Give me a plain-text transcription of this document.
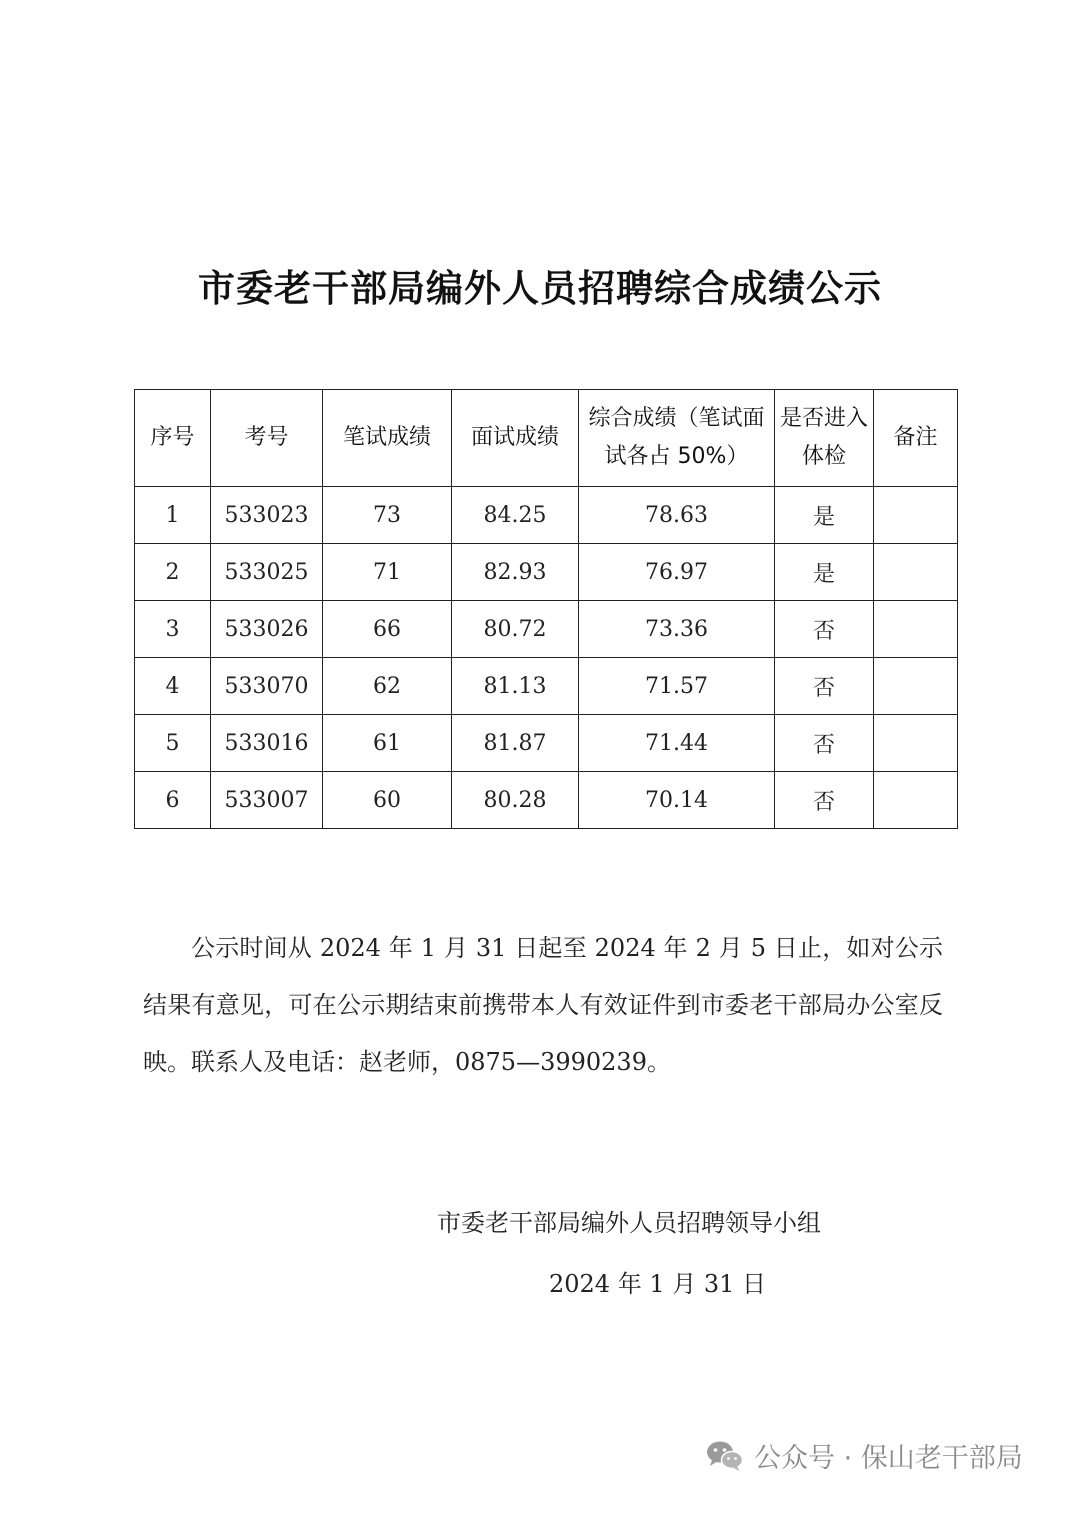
市委老干部局编外人员招聘综合成绩公示
序号	考号	笔试成绩	面试成绩	综合成绩（笔试面试各占 50%）	是否进入体检	备注
1	533023	73	84.25	78.63	是	
2	533025	71	82.93	76.97	是	
3	533026	66	80.72	73.36	否	
4	533070	62	81.13	71.57	否	
5	533016	61	81.87	71.44	否	
6	533007	60	80.28	70.14	否	
公示时间从 2024 年 1 月 31 日起至 2024 年 2 月 5 日止，如对公示结果有意见，可在公示期结束前携带本人有效证件到市委老干部局办公室反映。联系人及电话：赵老师，0875—3990239。
市委老干部局编外人员招聘领导小组
2024 年 1 月 31 日
公众号 · 保山老干部局
